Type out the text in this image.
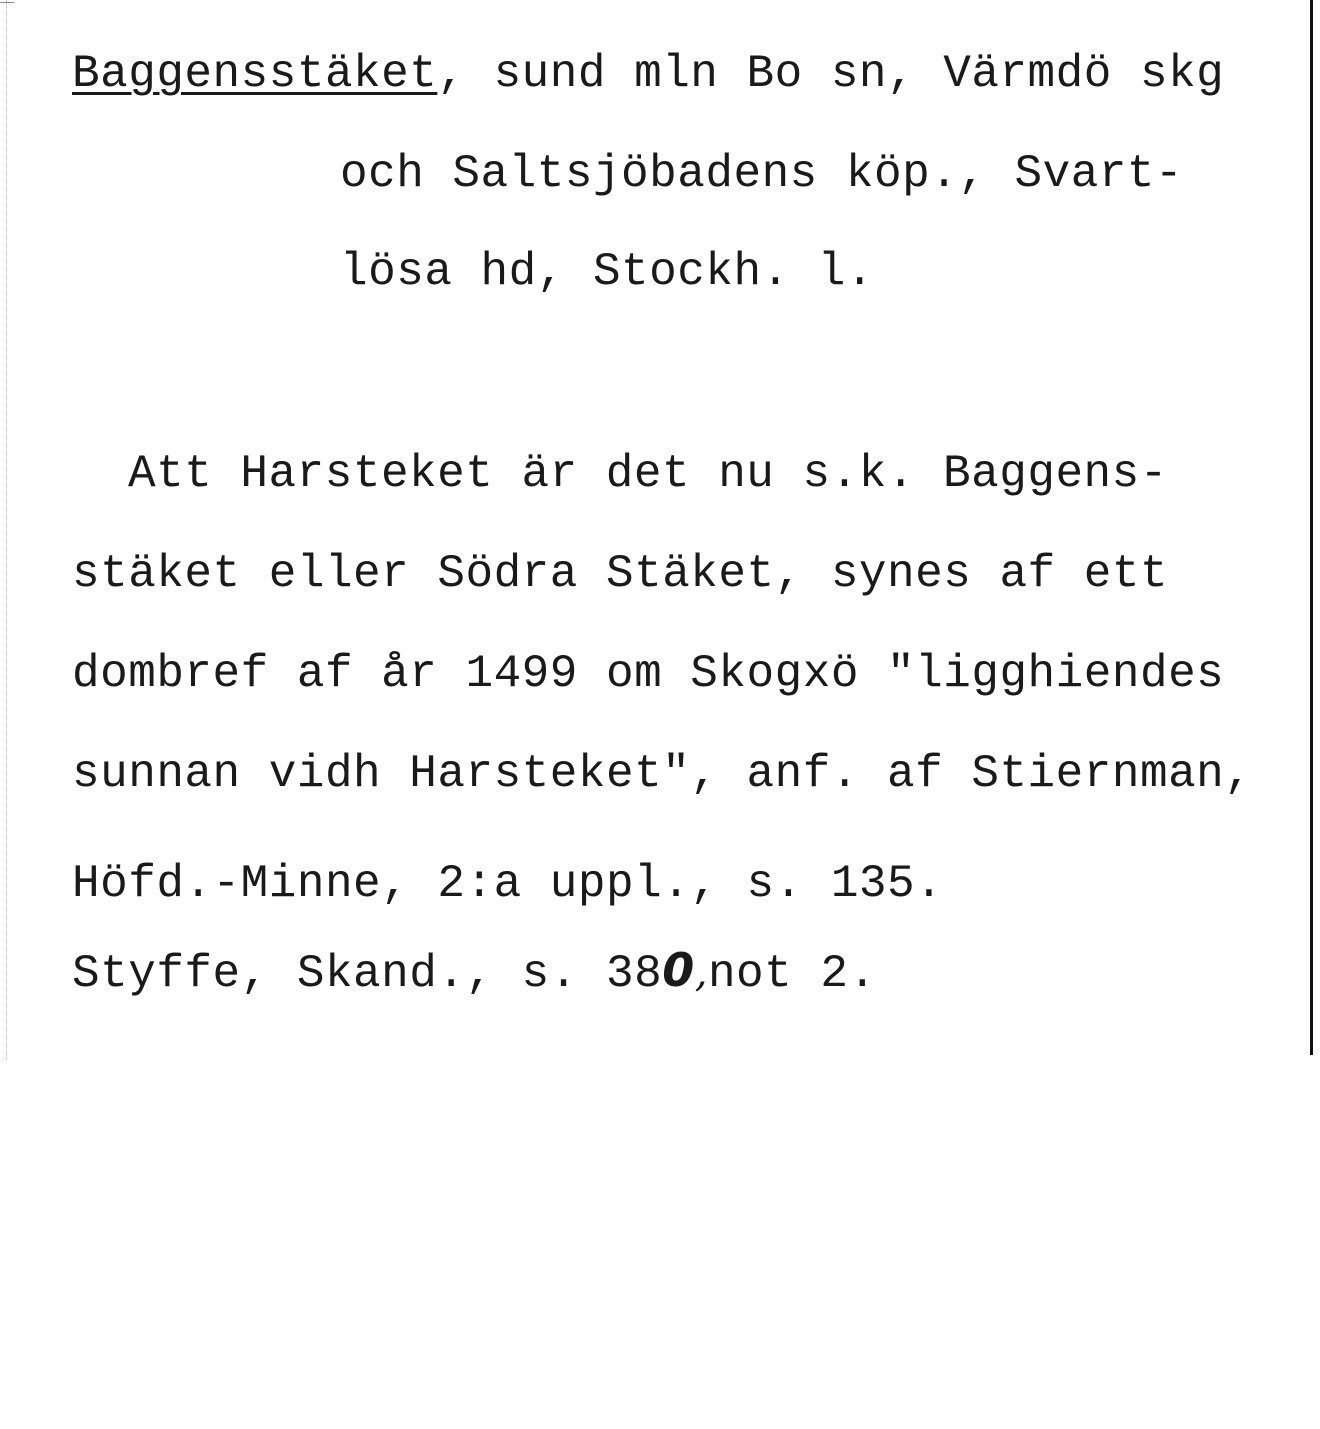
Baggensstäket, sund mln Bo sn, Värmdö skg
och Saltsjöbadens köp., Svart-
lösa hd, Stockh. l.
Att Harsteket är det nu s.k. Baggens-
stäket eller Södra Stäket, synes af ett
dombref af år 1499 om Skogxö "ligghiendes
sunnan vidh Harsteket", anf. af Stiernman,
Höfd.-Minne, 2:a uppl., s. 135.
Styffe, Skand., s. 380,not 2.
